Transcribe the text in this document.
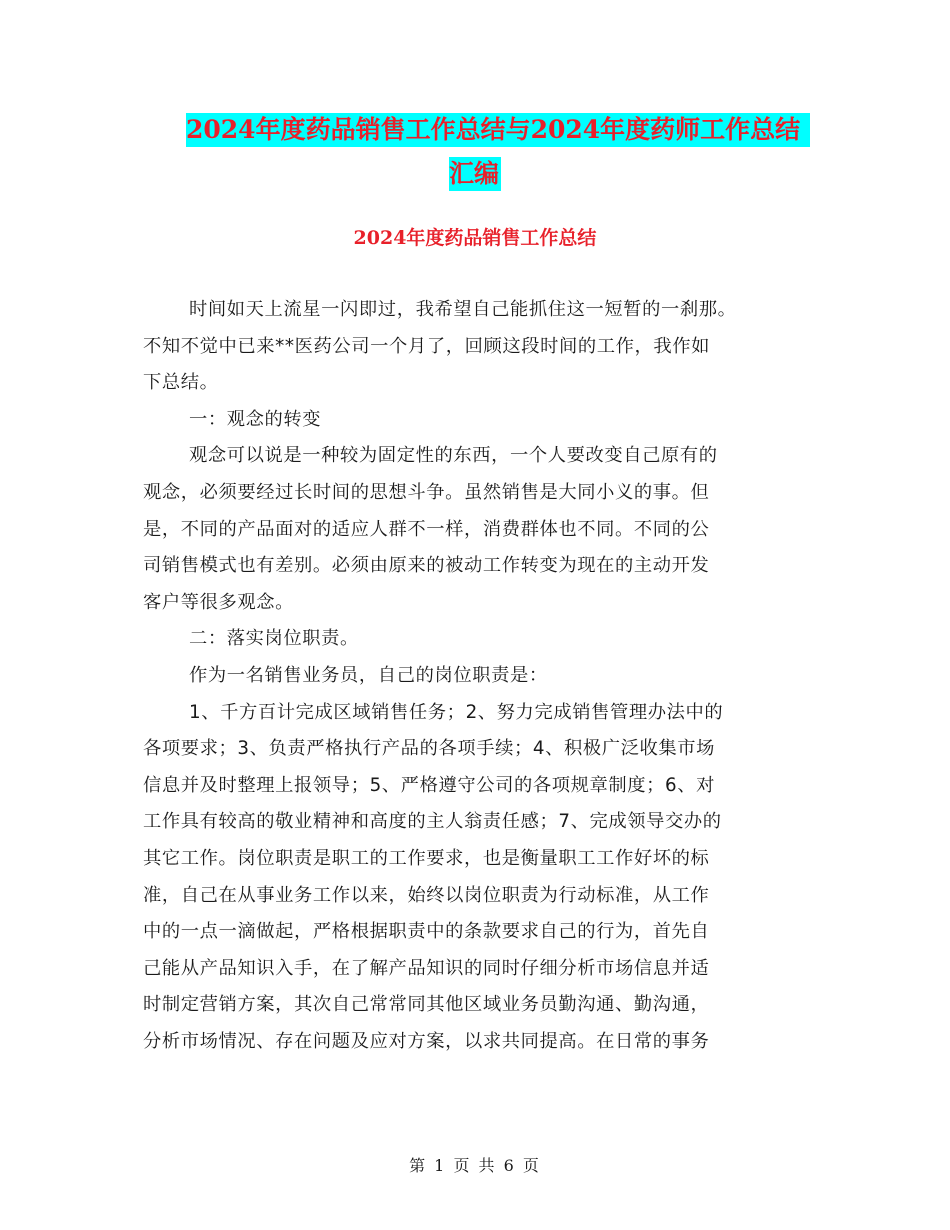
2024年度药品销售工作总结与2024年度药师工作总结
汇编
2024年度药品销售工作总结
时间如天上流星一闪即过，我希望自己能抓住这一短暂的一刹那。
不知不觉中已来**医药公司一个月了，回顾这段时间的工作，我作如
下总结。
一：观念的转变
观念可以说是一种较为固定性的东西，一个人要改变自己原有的
观念，必须要经过长时间的思想斗争。虽然销售是大同小义的事。但
是，不同的产品面对的适应人群不一样，消费群体也不同。不同的公
司销售模式也有差别。必须由原来的被动工作转变为现在的主动开发
客户等很多观念。
二：落实岗位职责。
作为一名销售业务员，自己的岗位职责是：
1、千方百计完成区域销售任务；2、努力完成销售管理办法中的
各项要求；3、负责严格执行产品的各项手续；4、积极广泛收集市场
信息并及时整理上报领导；5、严格遵守公司的各项规章制度；6、对
工作具有较高的敬业精神和高度的主人翁责任感；7、完成领导交办的
其它工作。岗位职责是职工的工作要求，也是衡量职工工作好坏的标
准，自己在从事业务工作以来，始终以岗位职责为行动标准，从工作
中的一点一滴做起，严格根据职责中的条款要求自己的行为，首先自
己能从产品知识入手，在了解产品知识的同时仔细分析市场信息并适
时制定营销方案，其次自己常常同其他区域业务员勤沟通、勤沟通，
分析市场情况、存在问题及应对方案，以求共同提高。在日常的事务
第 1 页 共 6 页
